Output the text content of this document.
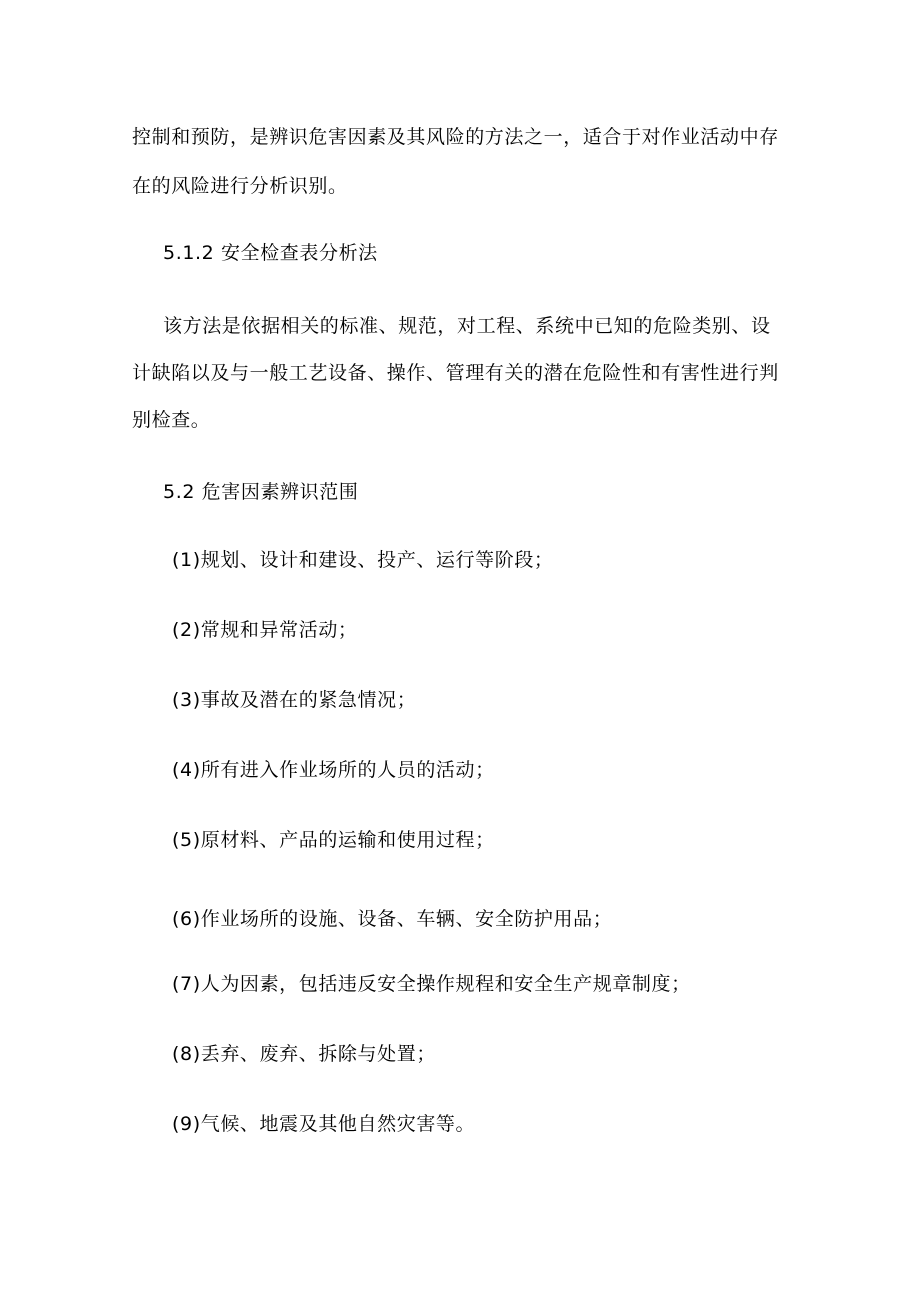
控制和预防，是辨识危害因素及其风险的方法之一，适合于对作业活动中存
在的风险进行分析识别。
5.1.2 安全检查表分析法
该方法是依据相关的标准、规范，对工程、系统中已知的危险类别、设
计缺陷以及与一般工艺设备、操作、管理有关的潜在危险性和有害性进行判
别检查。
5.2 危害因素辨识范围
(1)规划、设计和建设、投产、运行等阶段；
(2)常规和异常活动；
(3)事故及潜在的紧急情况；
(4)所有进入作业场所的人员的活动；
(5)原材料、产品的运输和使用过程；
(6)作业场所的设施、设备、车辆、安全防护用品；
(7)人为因素，包括违反安全操作规程和安全生产规章制度；
(8)丢弃、废弃、拆除与处置；
(9)气候、地震及其他自然灾害等。
